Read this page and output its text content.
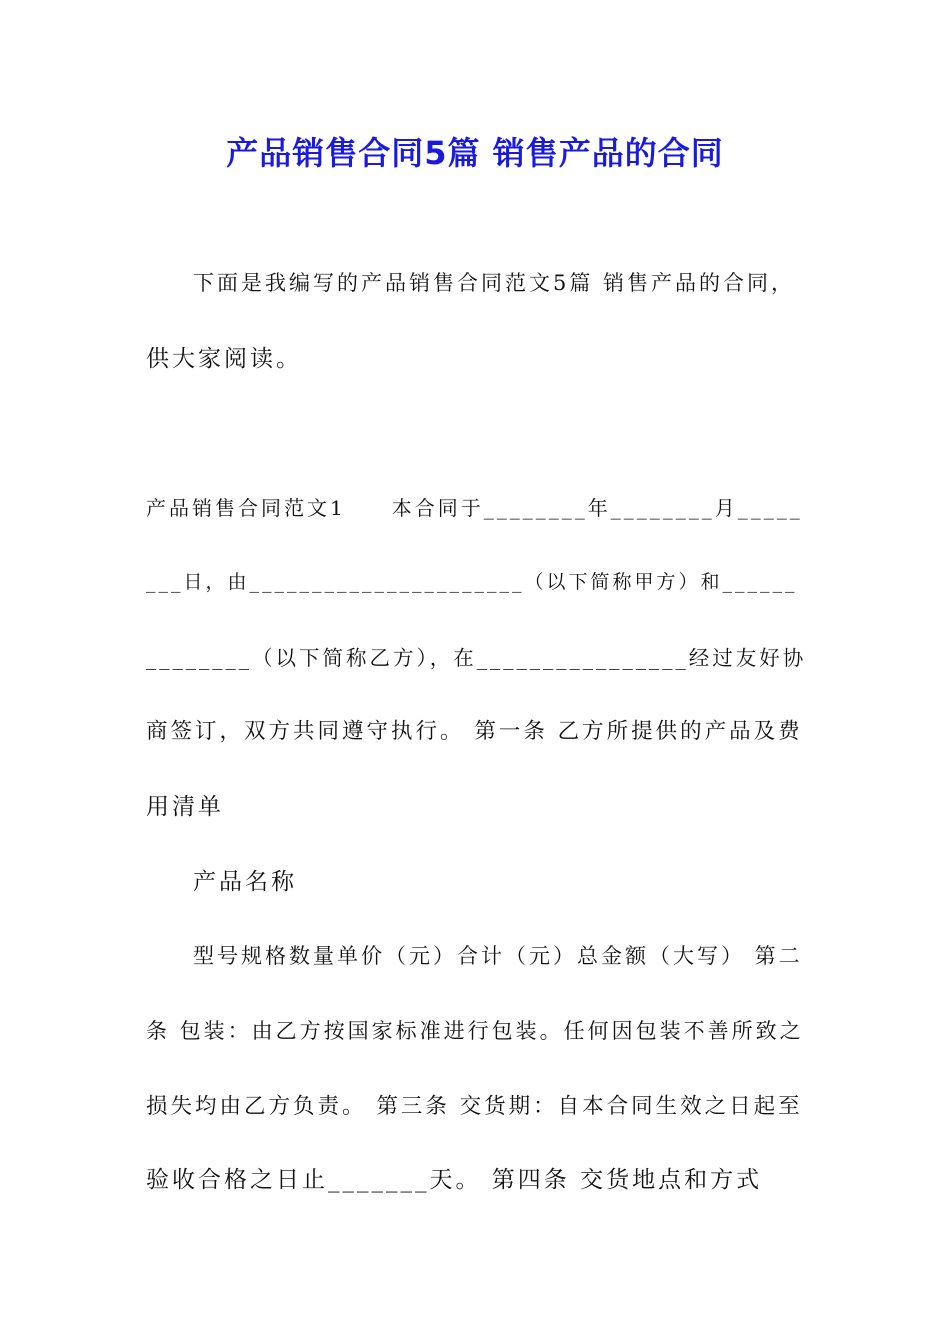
产品销售合同5篇 销售产品的合同
下面是我编写的产品销售合同范文5篇 销售产品的合同，
供大家阅读。
产品销售合同范文1　　本合同于________年________月_____
___日，由______________________（以下简称甲方）和______
________（以下简称乙方），在________________经过友好协
商签订，双方共同遵守执行。 第一条 乙方所提供的产品及费
用清单
产品名称
型号规格数量单价（元）合计（元）总金额（大写） 第二
条 包装：由乙方按国家标准进行包装。任何因包装不善所致之
损失均由乙方负责。 第三条 交货期：自本合同生效之日起至
验收合格之日止_______天。 第四条 交货地点和方式
